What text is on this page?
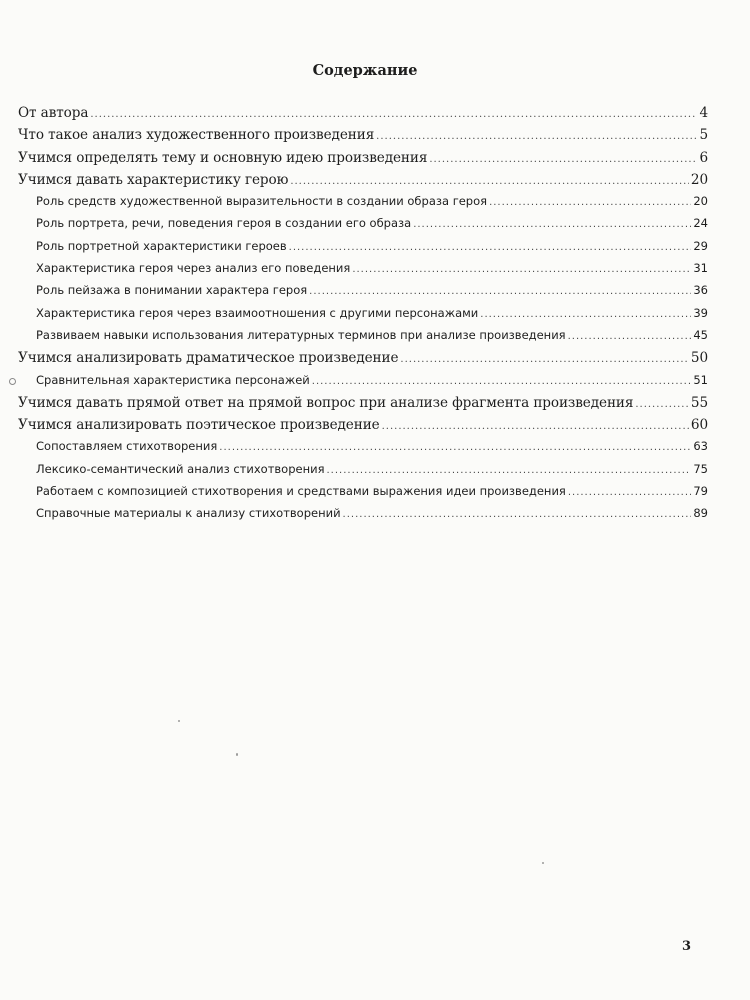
Содержание
От автора .....	4
Что такое анализ художественного произведения .....	5
Учимся определять тему и основную идею произведения .....	6
Учимся давать характеристику герою .....	20
Роль средств художественной выразительности в создании образа героя .....	20
Роль портрета, речи, поведения героя в создании его образа .....	24
Роль портретной характеристики героев .....	29
Характеристика героя через анализ его поведения .....	31
Роль пейзажа в понимании характера героя .....	36
Характеристика героя через взаимоотношения с другими персонажами .....	39
Развиваем навыки использования литературных терминов при анализе произведения .....	45
Учимся анализировать драматическое произведение .....	50
Сравнительная характеристика персонажей .....	51
Учимся давать прямой ответ на прямой вопрос при анализе фрагмента произведения .....	55
Учимся анализировать поэтическое произведение .....	60
Сопоставляем стихотворения .....	63
Лексико-семантический анализ стихотворения .....	75
Работаем с композицией стихотворения и средствами выражения идеи произведения .....	79
Справочные материалы к анализу стихотворений .....	89
3
